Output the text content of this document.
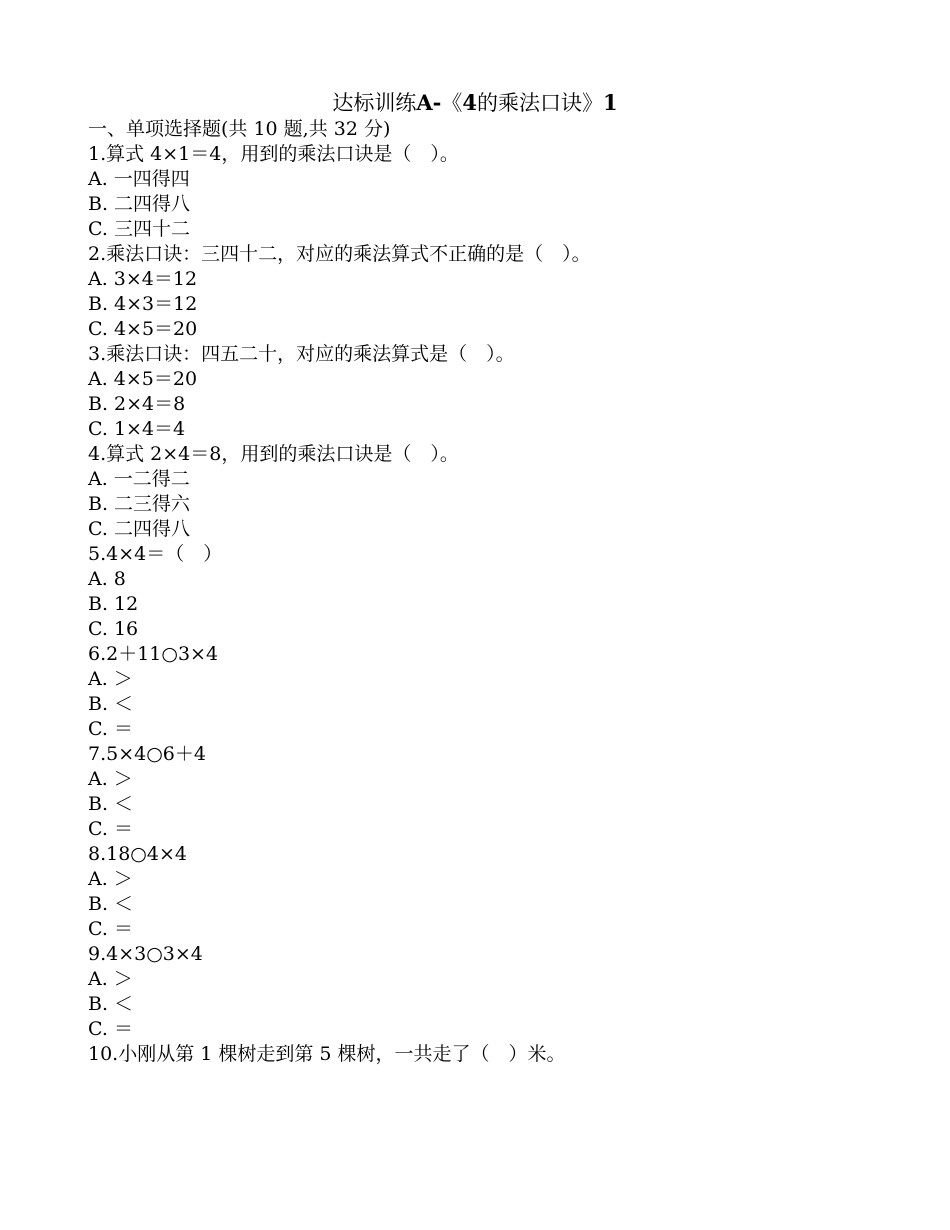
达标训练A-《4的乘法口诀》1
一、单项选择题(共 10 题,共 32 分)
1.算式 4×1＝4，用到的乘法口诀是（　）。
A. 一四得四
B. 二四得八
C. 三四十二
2.乘法口诀：三四十二，对应的乘法算式不正确的是（　）。
A. 3×4＝12
B. 4×3＝12
C. 4×5＝20
3.乘法口诀：四五二十，对应的乘法算式是（　）。
A. 4×5＝20
B. 2×4＝8
C. 1×4＝4
4.算式 2×4＝8，用到的乘法口诀是（　）。
A. 一二得二
B. 二三得六
C. 二四得八
5.4×4＝（　）
A. 8
B. 12
C. 16
6.2＋11○3×4
A. ＞
B. ＜
C. ＝
7.5×4○6＋4
A. ＞
B. ＜
C. ＝
8.18○4×4
A. ＞
B. ＜
C. ＝
9.4×3○3×4
A. ＞
B. ＜
C. ＝
10.小刚从第 1 棵树走到第 5 棵树，一共走了（　）米。
